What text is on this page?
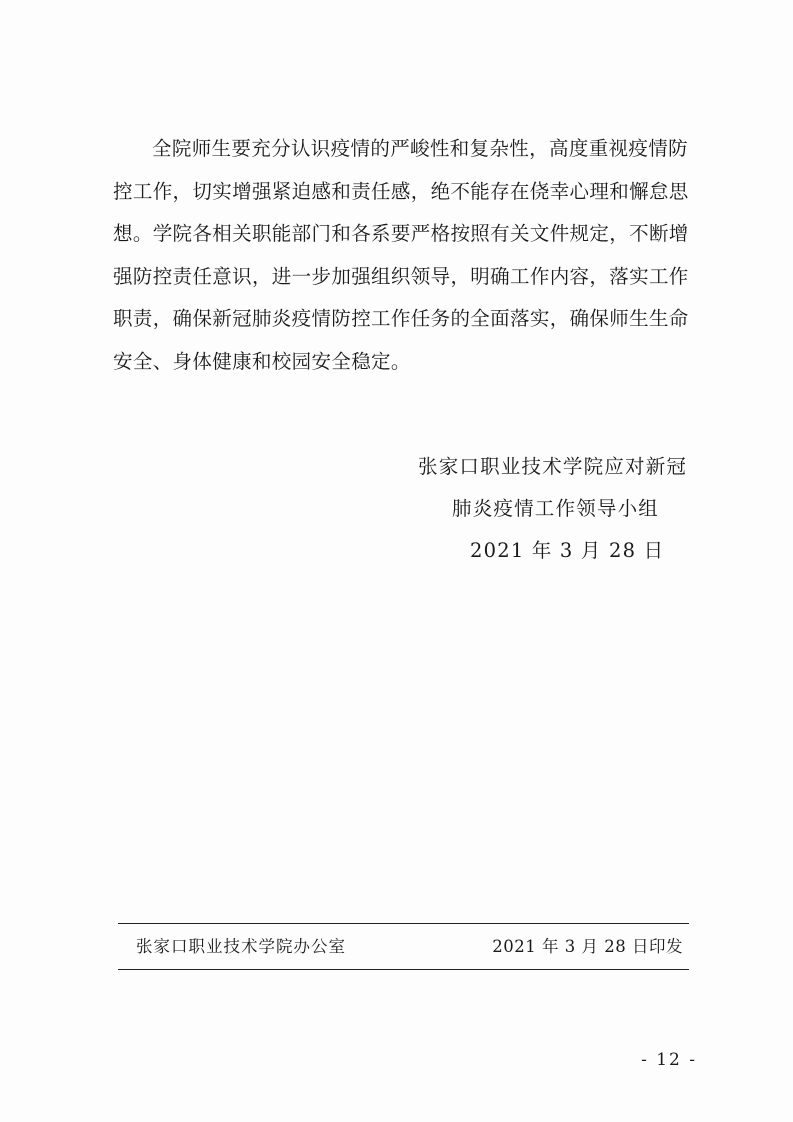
全院师生要充分认识疫情的严峻性和复杂性，高度重视疫情防控工作，切实增强紧迫感和责任感，绝不能存在侥幸心理和懈怠思想。学院各相关职能部门和各系要严格按照有关文件规定，不断增强防控责任意识，进一步加强组织领导，明确工作内容，落实工作职责，确保新冠肺炎疫情防控工作任务的全面落实，确保师生生命安全、身体健康和校园安全稳定。

张家口职业技术学院应对新冠
肺炎疫情工作领导小组
2021 年 3 月 28 日
张家口职业技术学院办公室	2021 年 3 月 28 日印发
- 12 -
